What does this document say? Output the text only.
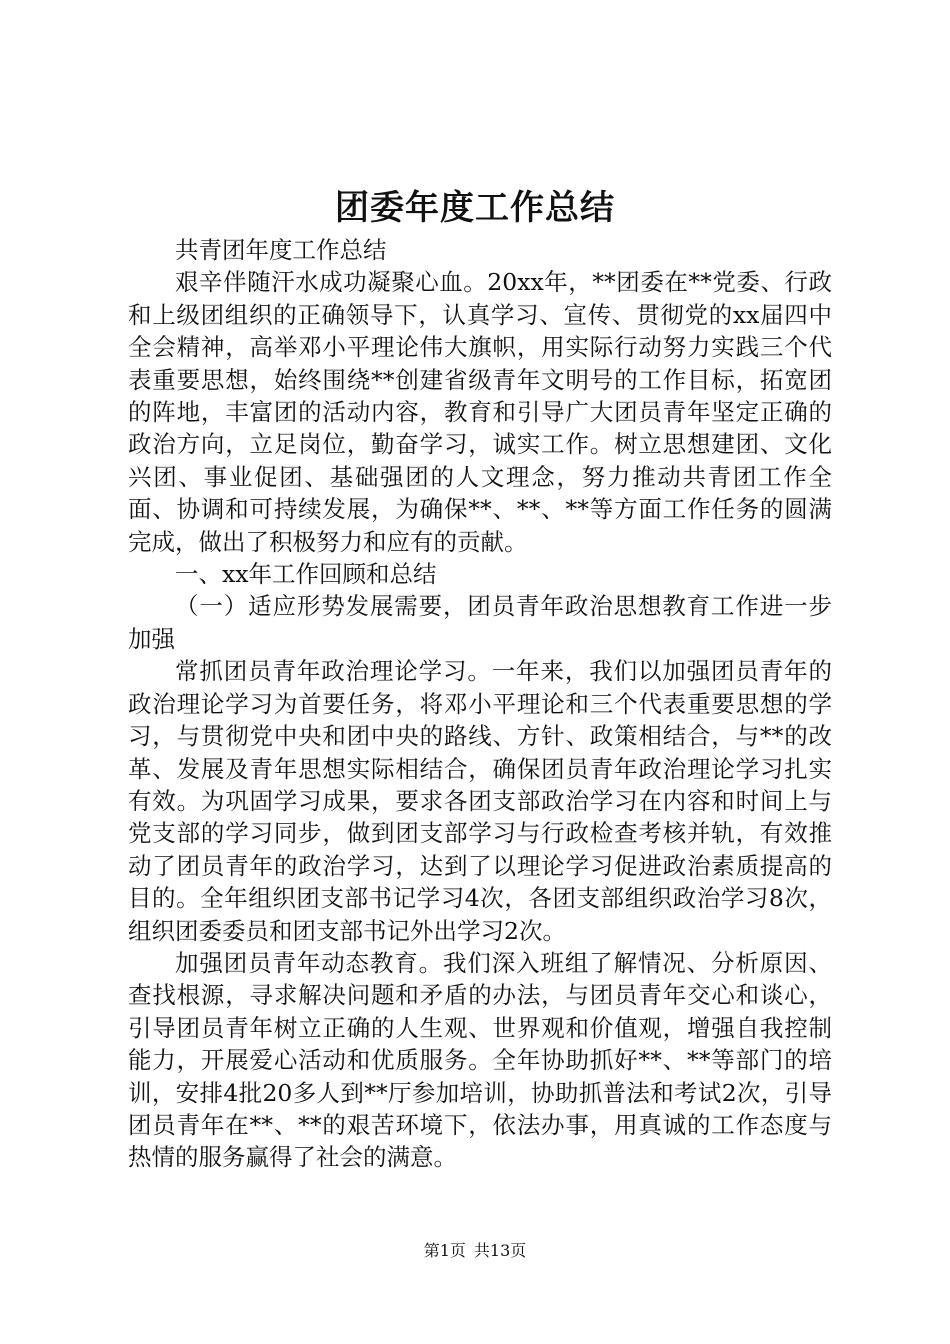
团委年度工作总结

共青团年度工作总结

艰辛伴随汗水成功凝聚心血。20xx年，**团委在**党委、行政和上级团组织的正确领导下，认真学习、宣传、贯彻党的xx届四中全会精神，高举邓小平理论伟大旗帜，用实际行动努力实践三个代表重要思想，始终围绕**创建省级青年文明号的工作目标，拓宽团的阵地，丰富团的活动内容，教育和引导广大团员青年坚定正确的政治方向，立足岗位，勤奋学习，诚实工作。树立思想建团、文化兴团、事业促团、基础强团的人文理念，努力推动共青团工作全面、协调和可持续发展，为确保**、**、**等方面工作任务的圆满完成，做出了积极努力和应有的贡献。

一、xx年工作回顾和总结

（一）适应形势发展需要，团员青年政治思想教育工作进一步加强

常抓团员青年政治理论学习。一年来，我们以加强团员青年的政治理论学习为首要任务，将邓小平理论和三个代表重要思想的学习，与贯彻党中央和团中央的路线、方针、政策相结合，与**的改革、发展及青年思想实际相结合，确保团员青年政治理论学习扎实有效。为巩固学习成果，要求各团支部政治学习在内容和时间上与党支部的学习同步，做到团支部学习与行政检查考核并轨，有效推动了团员青年的政治学习，达到了以理论学习促进政治素质提高的目的。全年组织团支部书记学习4次，各团支部组织政治学习8次，组织团委委员和团支部书记外出学习2次。

加强团员青年动态教育。我们深入班组了解情况、分析原因、查找根源，寻求解决问题和矛盾的办法，与团员青年交心和谈心，引导团员青年树立正确的人生观、世界观和价值观，增强自我控制能力，开展爱心活动和优质服务。全年协助抓好**、**等部门的培训，安排4批20多人到**厅参加培训，协助抓普法和考试2次，引导团员青年在**、**的艰苦环境下，依法办事，用真诚的工作态度与热情的服务赢得了社会的满意。

第1页 共13页
